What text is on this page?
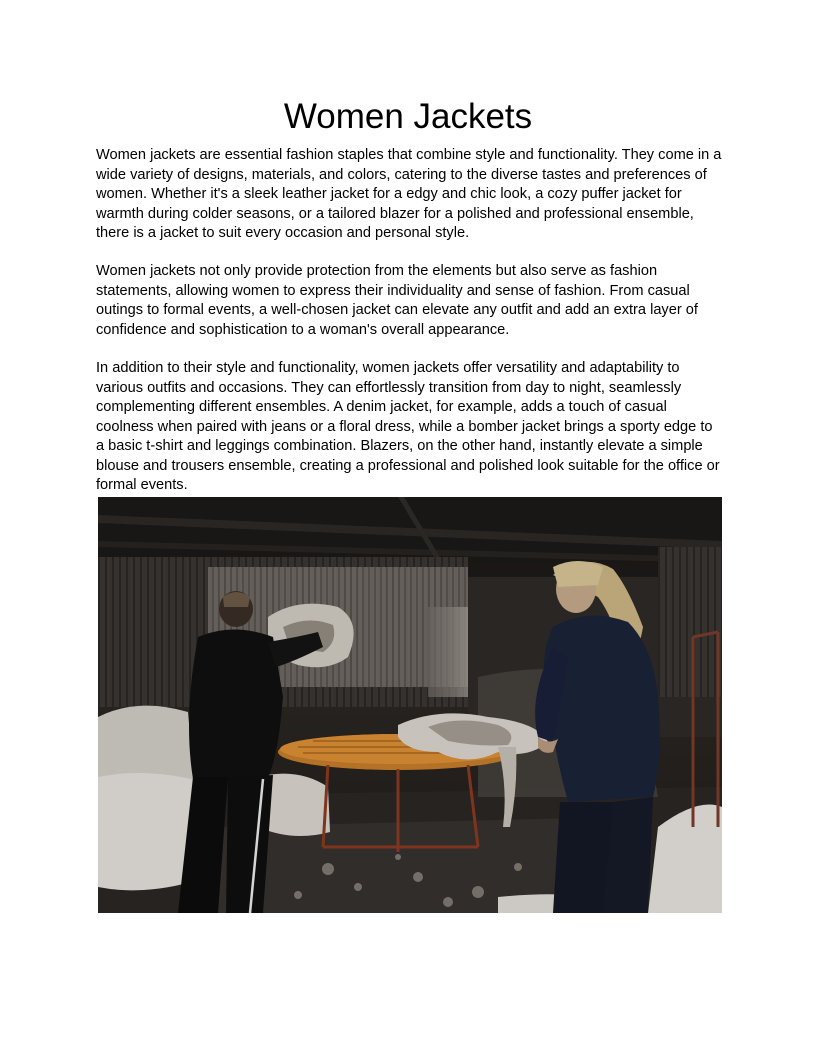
Women Jackets

Women jackets are essential fashion staples that combine style and functionality. They come in a wide variety of designs, materials, and colors, catering to the diverse tastes and preferences of women. Whether it's a sleek leather jacket for a edgy and chic look, a cozy puffer jacket for warmth during colder seasons, or a tailored blazer for a polished and professional ensemble, there is a jacket to suit every occasion and personal style.

Women jackets not only provide protection from the elements but also serve as fashion statements, allowing women to express their individuality and sense of fashion. From casual outings to formal events, a well-chosen jacket can elevate any outfit and add an extra layer of confidence and sophistication to a woman's overall appearance.

In addition to their style and functionality, women jackets offer versatility and adaptability to various outfits and occasions. They can effortlessly transition from day to night, seamlessly complementing different ensembles. A denim jacket, for example, adds a touch of casual coolness when paired with jeans or a floral dress, while a bomber jacket brings a sporty edge to a basic t-shirt and leggings combination. Blazers, on the other hand, instantly elevate a simple blouse and trousers ensemble, creating a professional and polished look suitable for the office or formal events.
